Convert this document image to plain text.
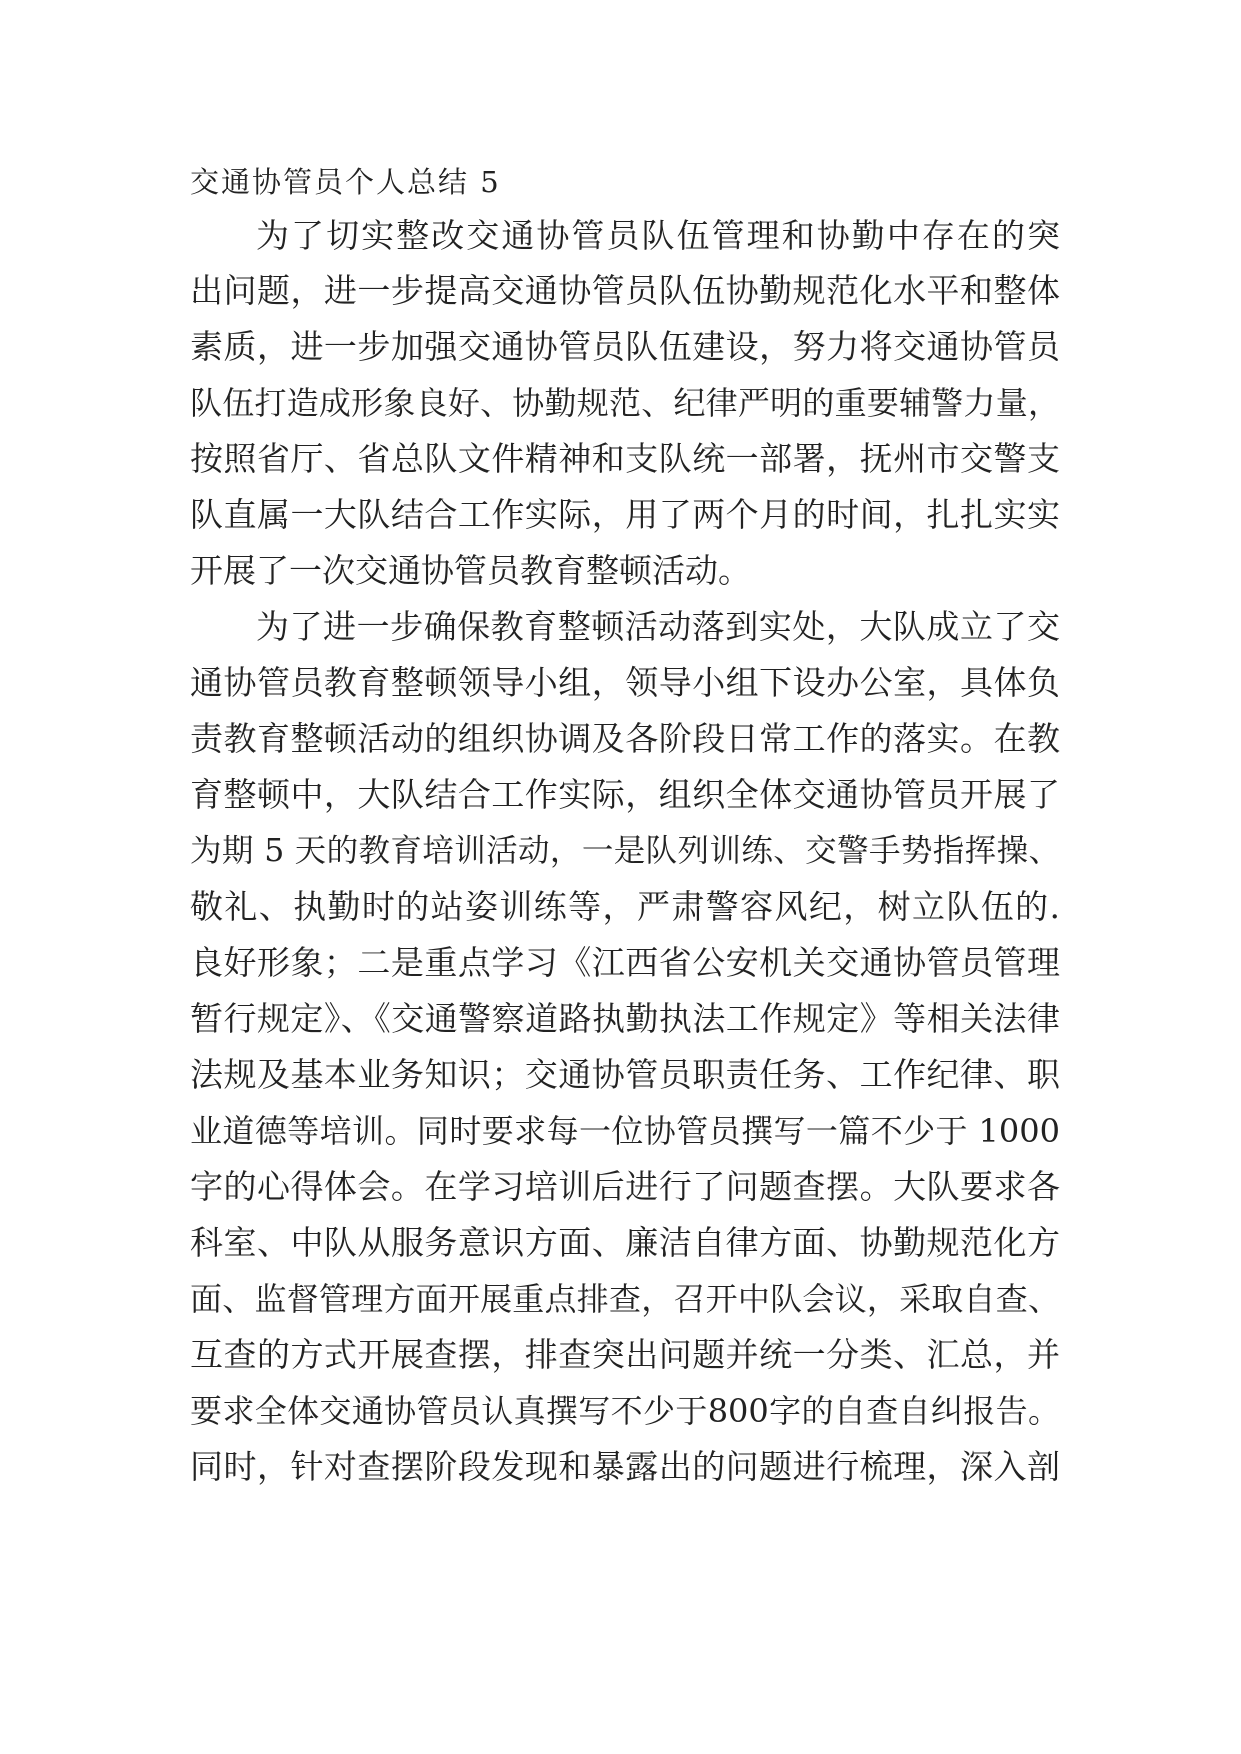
交通协管员个人总结 5

为了切实整改交通协管员队伍管理和协勤中存在的突

出问题，进一步提高交通协管员队伍协勤规范化水平和整体

素质，进一步加强交通协管员队伍建设，努力将交通协管员

队伍打造成形象良好、协勤规范、纪律严明的重要辅警力量，

按照省厅、省总队文件精神和支队统一部署，抚州市交警支

队直属一大队结合工作实际，用了两个月的时间，扎扎实实

开展了一次交通协管员教育整顿活动。

为了进一步确保教育整顿活动落到实处，大队成立了交

通协管员教育整顿领导小组，领导小组下设办公室，具体负

责教育整顿活动的组织协调及各阶段日常工作的落实。在教

育整顿中，大队结合工作实际，组织全体交通协管员开展了

为期 5 天的教育培训活动，一是队列训练、交警手势指挥操、

敬礼、执勤时的站姿训练等，严肃警容风纪，树立队伍的.

良好形象；二是重点学习《江西省公安机关交通协管员管理

暂行规定》、《交通警察道路执勤执法工作规定》等相关法律

法规及基本业务知识；交通协管员职责任务、工作纪律、职

业道德等培训。同时要求每一位协管员撰写一篇不少于 1000

字的心得体会。在学习培训后进行了问题查摆。大队要求各

科室、中队从服务意识方面、廉洁自律方面、协勤规范化方

面、监督管理方面开展重点排查，召开中队会议，采取自查、

互查的方式开展查摆，排查突出问题并统一分类、汇总，并

要求全体交通协管员认真撰写不少于800字的自查自纠报告。

同时，针对查摆阶段发现和暴露出的问题进行梳理，深入剖
